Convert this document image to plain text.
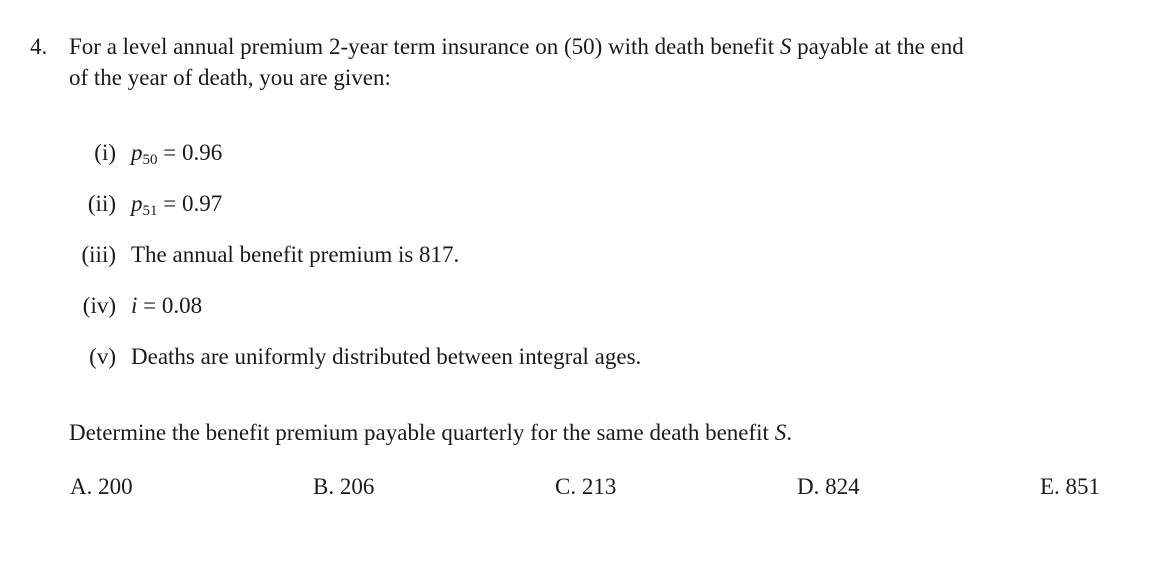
4. For a level annual premium 2-year term insurance on (50) with death benefit S payable at the end
of the year of death, you are given:
(i) $p_{50} = 0.96$
(ii) $p_{51} = 0.97$
(iii) The annual benefit premium is 817.
(iv) i = 0.08
(v) Deaths are uniformly distributed between integral ages.
Determine the benefit premium payable quarterly for the same death benefit S.
A. 200	B. 206	C. 213	D. 824	E. 851
